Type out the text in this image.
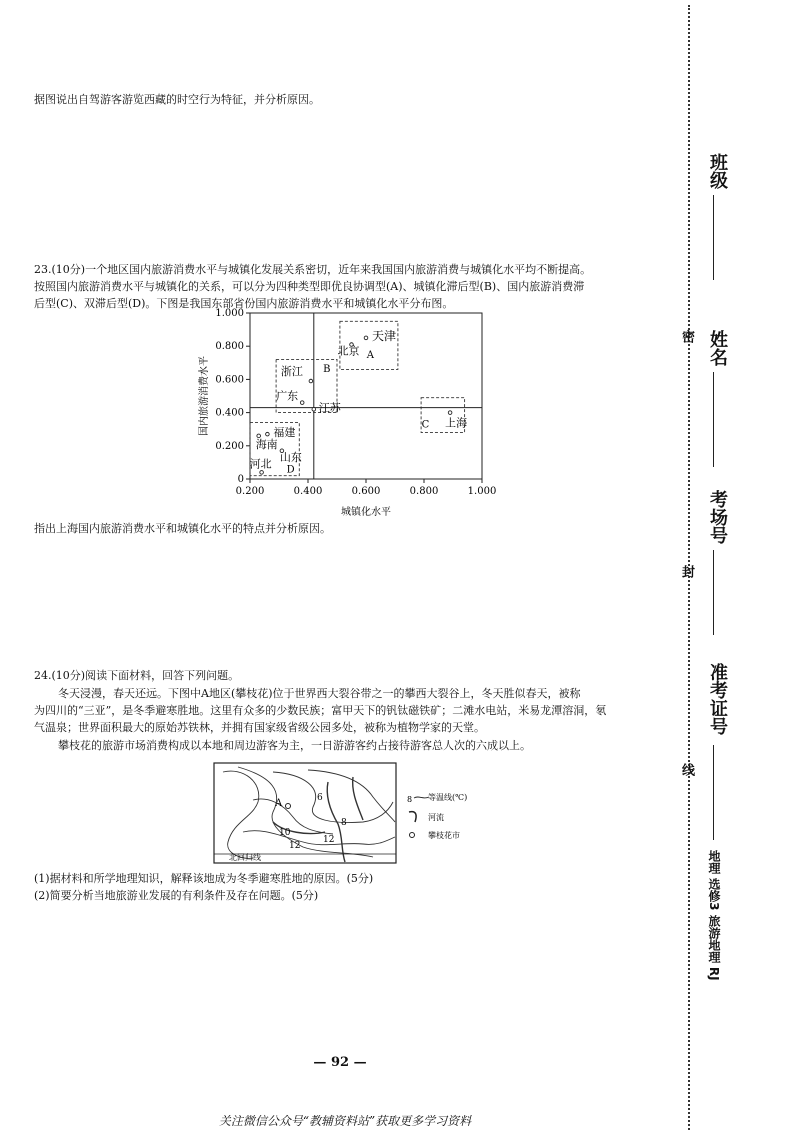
据图说出自驾游客游览西藏的时空行为特征，并分析原因。
23.(10分)一个地区国内旅游消费水平与城镇化发展关系密切，近年来我国国内旅游消费与城镇化水平均不断提高。
按照国内旅游消费水平与城镇化的关系，可以分为四种类型即优良协调型(A)、城镇化滞后型(B)、国内旅游消费滞
后型(C)、双滞后型(D)。下图是我国东部省份国内旅游消费水平和城镇化水平分布图。
0
0.200
0.400
0.600
0.800
1.000
0.200	0.400	0.600	0.800	1.000
天津
北京
浙江
广东
江苏
上海
福建
海南
山东
河北
A
B
C
D
城镇化水平
国内旅游消费水平
指出上海国内旅游消费水平和城镇化水平的特点并分析原因。
24.(10分)阅读下面材料，回答下列问题。
冬天浸漫，春天还远。下图中A地区(攀枝花)位于世界西大裂谷带之一的攀西大裂谷上，冬天胜似春天，被称
为四川的“三亚”，是冬季避寒胜地。这里有众多的少数民族；富甲天下的钒钛磁铁矿；二滩水电站，米易龙潭溶洞，氡
气温泉；世界面积最大的原始苏铁林，并拥有国家级省级公园多处，被称为植物学家的天堂。
攀枝花的旅游市场消费构成以本地和周边游客为主，一日游游客约占接待游客总人次的六成以上。
A	6
8
10
12
12
北回归线
8 等温线(℃)
河流
攀枝花市
(1)据材料和所学地理知识，解释该地成为冬季避寒胜地的原因。(5分)
(2)简要分析当地旅游业发展的有利条件及存在问题。(5分)
— 92 —
关注微信公众号“教辅资料站”获取更多学习资料
班级
密 姓名
考场号
封
准考证号
线
地理 选修3 旅游地理 RJ
